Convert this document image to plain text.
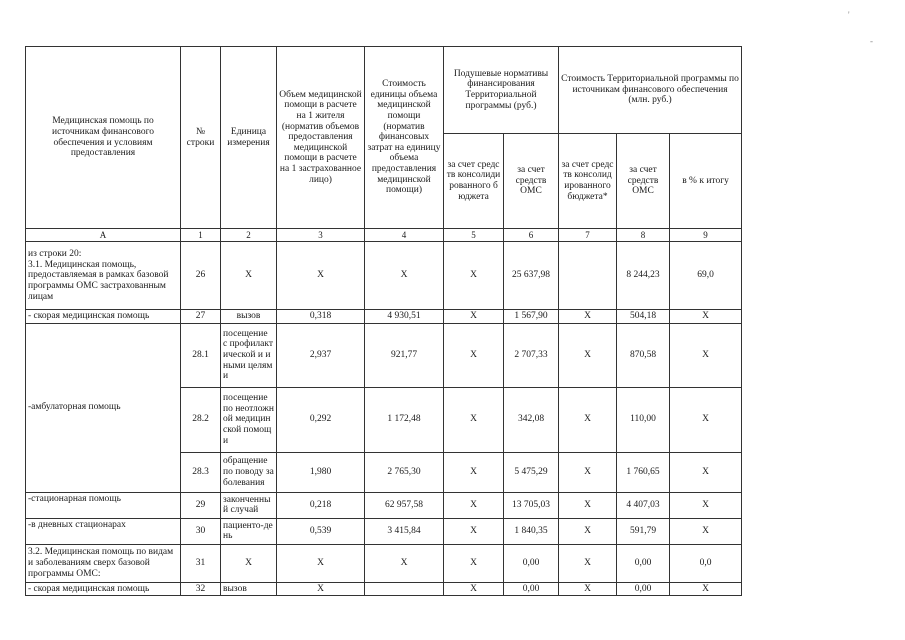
'
-
Медицинская помощь по источникам финансового обеспечения и условиям предоставления	№ строки	Единица измерения	Объем медицинской помощи в расчете на 1 жителя (норматив объемов предоставления медицинской помощи в расчете на 1 застрахованное лицо)	Стоимость единицы объема медицинской помощи (норматив финансовых затрат на единицу объема предоставления медицинской помощи)	Подушевые нормативы финансирования Территориальной программы (руб.)		Стоимость Территориальной программы по источникам финансового обеспечения (млн. руб.)		
					за счет средств консолидированного бюджета	за счет средств ОМС	за счет средств консолидированного бюджета*	за счет средств ОМС	в % к итогу
А	1	2	3	4	5	6	7	8	9
из строки 20:
3.1. Медицинская помощь, предоставляемая в рамках базовой программы ОМС застрахованным лицам	26	X	X	X	X	25 637,98		8 244,23	69,0
- скорая медицинская помощь	27	вызов	0,318	4 930,51	X	1 567,90	X	504,18	X
-амбулаторная помощь	28.1	посещение с профилактической и иными целями	2,937	921,77	X	2 707,33	X	870,58	X
	28.2	посещение по неотложной медицинской помощи	0,292	1 172,48	X	342,08	X	110,00	X
	28.3	обращение по поводу заболевания	1,980	2 765,30	X	5 475,29	X	1 760,65	X
-стационарная помощь	29	законченный случай	0,218	62 957,58	X	13 705,03	X	4 407,03	X
-в дневных стационарах	30	пациенто-день	0,539	3 415,84	X	1 840,35	X	591,79	X
3.2. Медицинская помощь по видам и заболеваниям сверх базовой программы ОМС:	31	X	X	X	X	0,00	X	0,00	0,0
- скорая медицинская помощь	32	вызов	X		X	0,00	X	0,00	X
